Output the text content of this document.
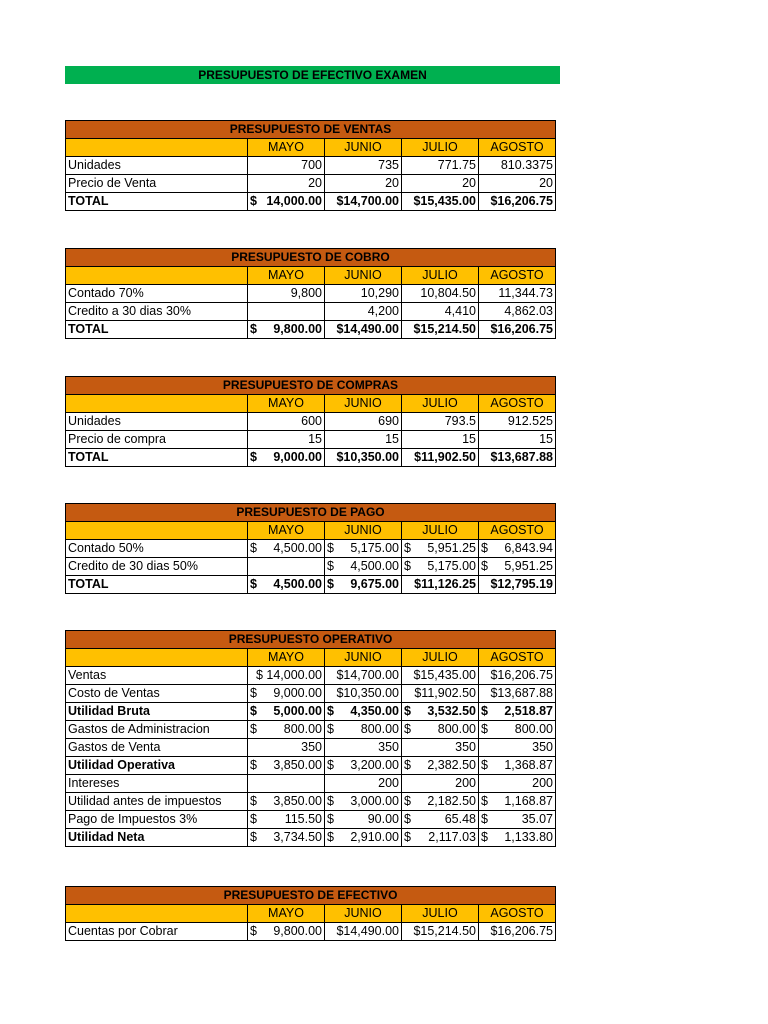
PRESUPUESTO DE EFECTIVO EXAMEN
PRESUPUESTO DE VENTAS				
	MAYO	JUNIO	JULIO	AGOSTO
Unidades	700	735	771.75	810.3375
Precio de Venta	20	20	20	20
TOTAL	$ 14,000.00	$14,700.00	$15,435.00	$16,206.75
PRESUPUESTO DE COBRO				
	MAYO	JUNIO	JULIO	AGOSTO
Contado 70%	9,800	10,290	10,804.50	11,344.73
Credito a 30 dias 30%		4,200	4,410	4,862.03
TOTAL	$ 9,800.00	$14,490.00	$15,214.50	$16,206.75
PRESUPUESTO DE COMPRAS				
	MAYO	JUNIO	JULIO	AGOSTO
Unidades	600	690	793.5	912.525
Precio de compra	15	15	15	15
TOTAL	$ 9,000.00	$10,350.00	$11,902.50	$13,687.88
PRESUPUESTO DE PAGO				
	MAYO	JUNIO	JULIO	AGOSTO
Contado 50%	$ 4,500.00	$ 5,175.00	$ 5,951.25	$ 6,843.94

Credito de 30 dias 50%		$ 4,500.00	$ 5,175.00	$ 5,951.25

TOTAL	$ 4,500.00	$ 9,675.00	$11,126.25	$12,795.19
PRESUPUESTO OPERATIVO				
	MAYO	JUNIO	JULIO	AGOSTO
Ventas	$ 14,000.00	$14,700.00	$15,435.00	$16,206.75
Costo de Ventas	$ 9,000.00	$10,350.00	$11,902.50	$13,687.88
Utilidad Bruta	$ 5,000.00	$ 4,350.00	$ 3,532.50	$ 2,518.87

Gastos de Administracion	$ 800.00	$ 800.00	$ 800.00	$ 800.00

Gastos de Venta	350	350	350	350
Utilidad Operativa	$ 3,850.00	$ 3,200.00	$ 2,382.50	$ 1,368.87

Intereses		200	200	200
Utilidad antes de impuestos	$ 3,850.00	$ 3,000.00	$ 2,182.50	$ 1,168.87

Pago de Impuestos 3%	$ 115.50	$ 90.00	$ 65.48	$ 35.07

Utilidad Neta	$ 3,734.50	$ 2,910.00	$ 2,117.03	$ 1,133.80
PRESUPUESTO DE EFECTIVO				
	MAYO	JUNIO	JULIO	AGOSTO
Cuentas por Cobrar	$ 9,800.00	$14,490.00	$15,214.50	$16,206.75
